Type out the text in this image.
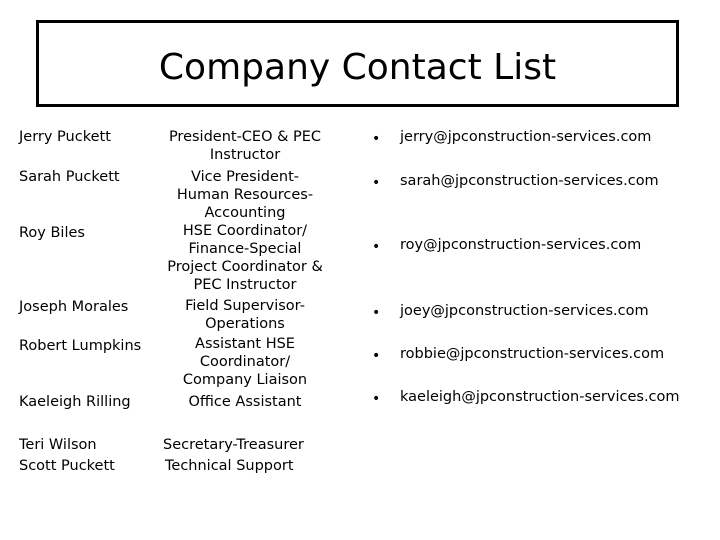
Company Contact List
Jerry Puckett
Sarah Puckett
Roy Biles
Joseph Morales
Robert Lumpkins
Kaeleigh Rilling
Teri Wilson
Scott Puckett
President-CEO & PEC
Instructor
Vice President-
Human Resources-
Accounting
HSE Coordinator/
Finance-Special
Project Coordinator &
PEC Instructor
Field Supervisor-
Operations
Assistant HSE
Coordinator/
Company Liaison
Office Assistant
Secretary-Treasurer
Technical Support
• jerry@jpconstruction-services.com
• sarah@jpconstruction-services.com
• roy@jpconstruction-services.com
• joey@jpconstruction-services.com
• robbie@jpconstruction-services.com
• kaeleigh@jpconstruction-services.com
